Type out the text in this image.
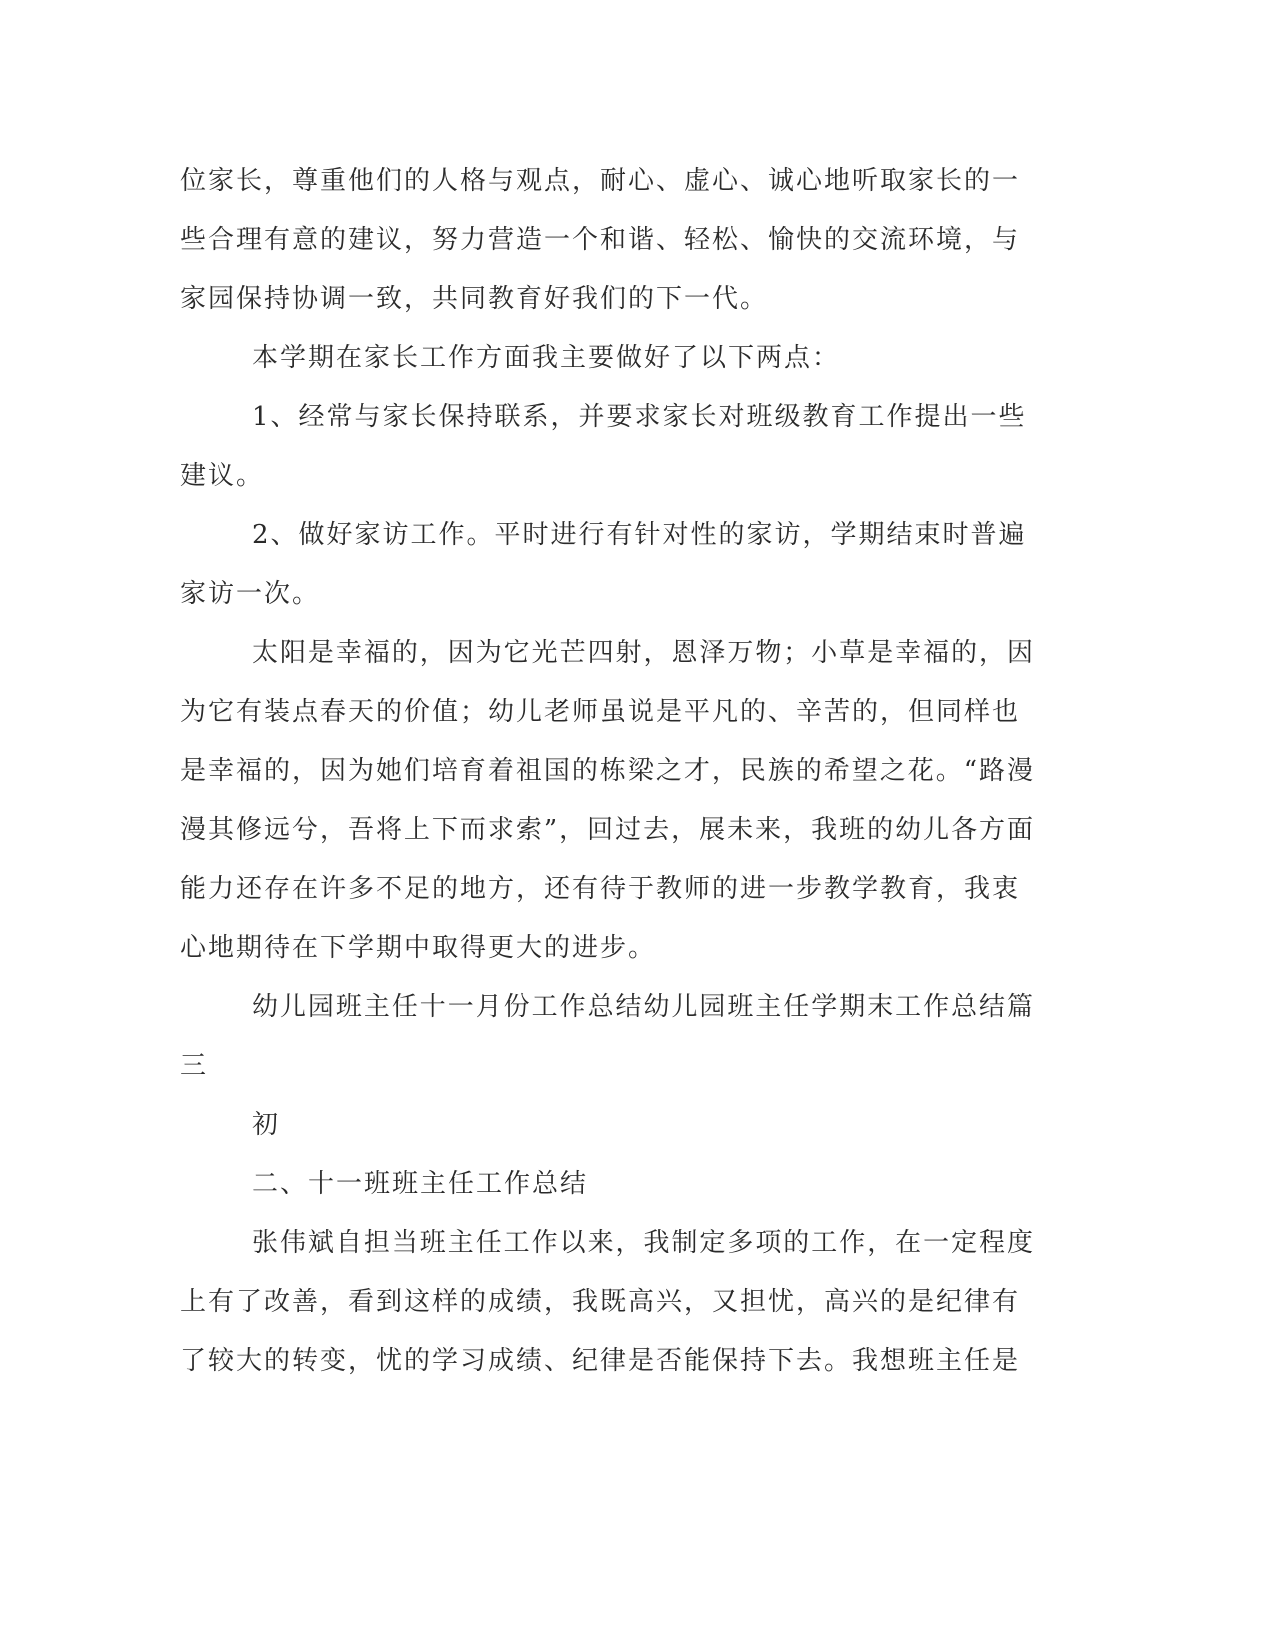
位家长，尊重他们的人格与观点，耐心、虚心、诚心地听取家长的一
些合理有意的建议，努力营造一个和谐、轻松、愉快的交流环境，与
家园保持协调一致，共同教育好我们的下一代。
本学期在家长工作方面我主要做好了以下两点：
1、经常与家长保持联系，并要求家长对班级教育工作提出一些
建议。
2、做好家访工作。平时进行有针对性的家访，学期结束时普遍
家访一次。
太阳是幸福的，因为它光芒四射，恩泽万物；小草是幸福的，因
为它有装点春天的价值；幼儿老师虽说是平凡的、辛苦的，但同样也
是幸福的，因为她们培育着祖国的栋梁之才，民族的希望之花。“路漫
漫其修远兮，吾将上下而求索”，回过去，展未来，我班的幼儿各方面
能力还存在许多不足的地方，还有待于教师的进一步教学教育，我衷
心地期待在下学期中取得更大的进步。
幼儿园班主任十一月份工作总结幼儿园班主任学期末工作总结篇
三
初
二、十一班班主任工作总结
张伟斌自担当班主任工作以来，我制定多项的工作，在一定程度
上有了改善，看到这样的成绩，我既高兴，又担忧，高兴的是纪律有
了较大的转变，忧的学习成绩、纪律是否能保持下去。我想班主任是
